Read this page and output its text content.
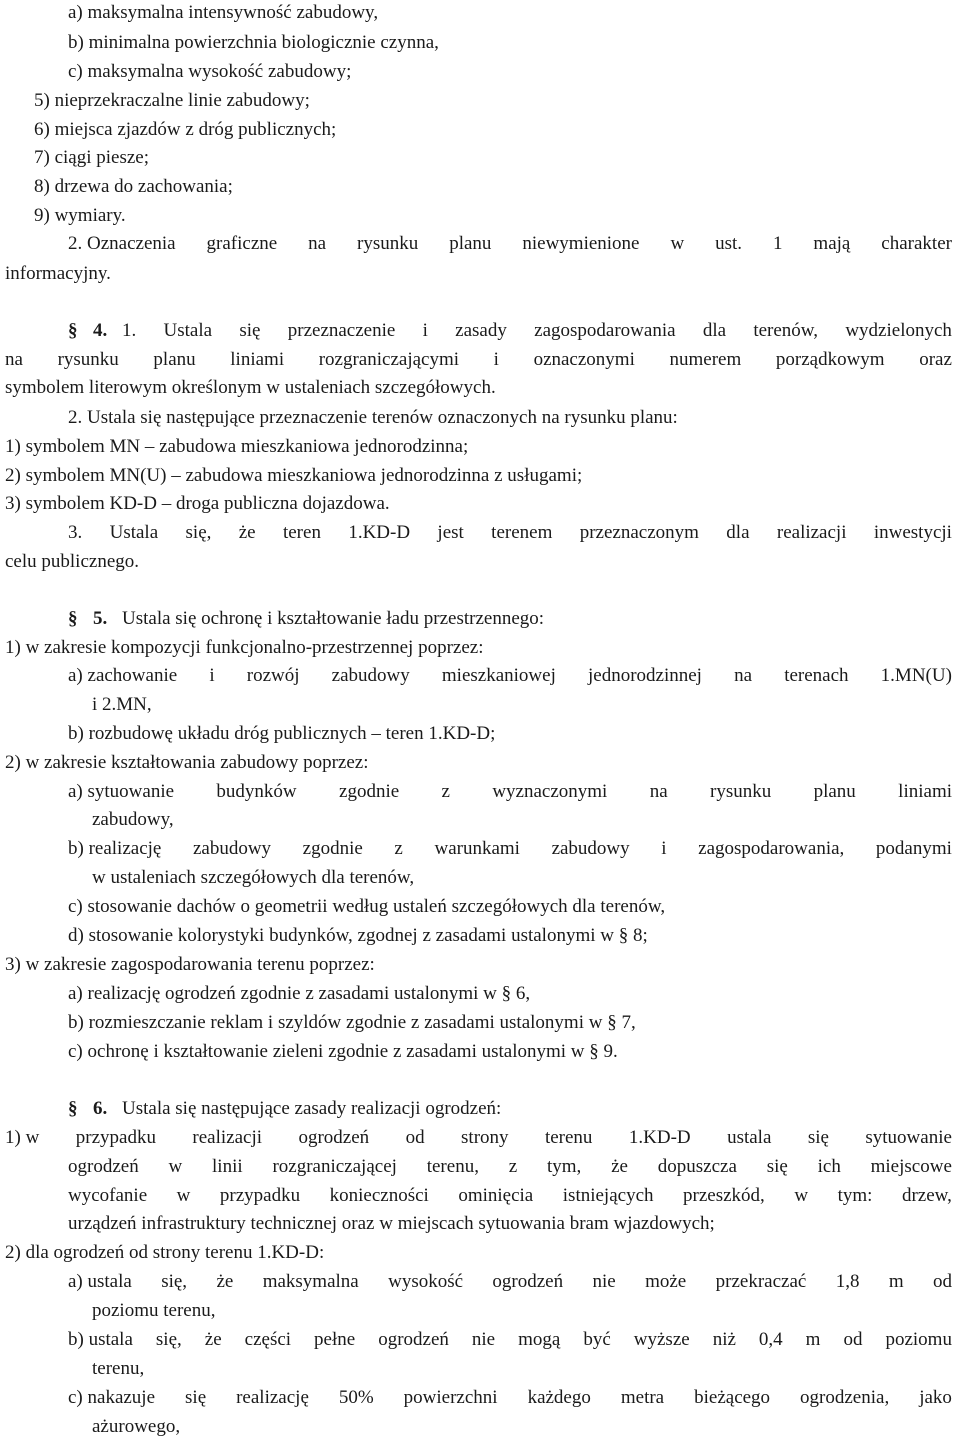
a) maksymalna intensywność zabudowy,
b) minimalna powierzchnia biologicznie czynna,
c) maksymalna wysokość zabudowy;
5) nieprzekraczalne linie zabudowy;
6) miejsca zjazdów z dróg publicznych;
7) ciągi piesze;
8) drzewa do zachowania;
9) wymiary.
2. Oznaczenia graficzne na rysunku planu niewymienione w ust. 1 mają charakter
informacyjny.
§ 4. 1. Ustala się przeznaczenie i zasady zagospodarowania dla terenów, wydzielonych
na rysunku planu liniami rozgraniczającymi i oznaczonymi numerem porządkowym oraz
symbolem literowym określonym w ustaleniach szczegółowych.
2. Ustala się następujące przeznaczenie terenów oznaczonych na rysunku planu:
1) symbolem MN – zabudowa mieszkaniowa jednorodzinna;
2) symbolem MN(U) – zabudowa mieszkaniowa jednorodzinna z usługami;
3) symbolem KD-D – droga publiczna dojazdowa.
3. Ustala się, że teren 1.KD-D jest terenem przeznaczonym dla realizacji inwestycji
celu publicznego.
§ 5. Ustala się ochronę i kształtowanie ładu przestrzennego:
1) w zakresie kompozycji funkcjonalno-przestrzennej poprzez:
a) zachowanie i rozwój zabudowy mieszkaniowej jednorodzinnej na terenach 1.MN(U)
i 2.MN,
b) rozbudowę układu dróg publicznych – teren 1.KD-D;
2) w zakresie kształtowania zabudowy poprzez:
a) sytuowanie budynków zgodnie z wyznaczonymi na rysunku planu liniami
zabudowy,
b) realizację zabudowy zgodnie z warunkami zabudowy i zagospodarowania, podanymi
w ustaleniach szczegółowych dla terenów,
c) stosowanie dachów o geometrii według ustaleń szczegółowych dla terenów,
d) stosowanie kolorystyki budynków, zgodnej z zasadami ustalonymi w § 8;
3) w zakresie zagospodarowania terenu poprzez:
a) realizację ogrodzeń zgodnie z zasadami ustalonymi w § 6,
b) rozmieszczanie reklam i szyldów zgodnie z zasadami ustalonymi w § 7,
c) ochronę i kształtowanie zieleni zgodnie z zasadami ustalonymi w § 9.
§ 6. Ustala się następujące zasady realizacji ogrodzeń:
1) w przypadku realizacji ogrodzeń od strony terenu 1.KD-D ustala się sytuowanie
ogrodzeń w linii rozgraniczającej terenu, z tym, że dopuszcza się ich miejscowe
wycofanie w przypadku konieczności ominięcia istniejących przeszkód, w tym: drzew,
urządzeń infrastruktury technicznej oraz w miejscach sytuowania bram wjazdowych;
2) dla ogrodzeń od strony terenu 1.KD-D:
a) ustala się, że maksymalna wysokość ogrodzeń nie może przekraczać 1,8 m od
poziomu terenu,
b) ustala się, że części pełne ogrodzeń nie mogą być wyższe niż 0,4 m od poziomu
terenu,
c) nakazuje się realizację 50% powierzchni każdego metra bieżącego ogrodzenia, jako
ażurowego,
